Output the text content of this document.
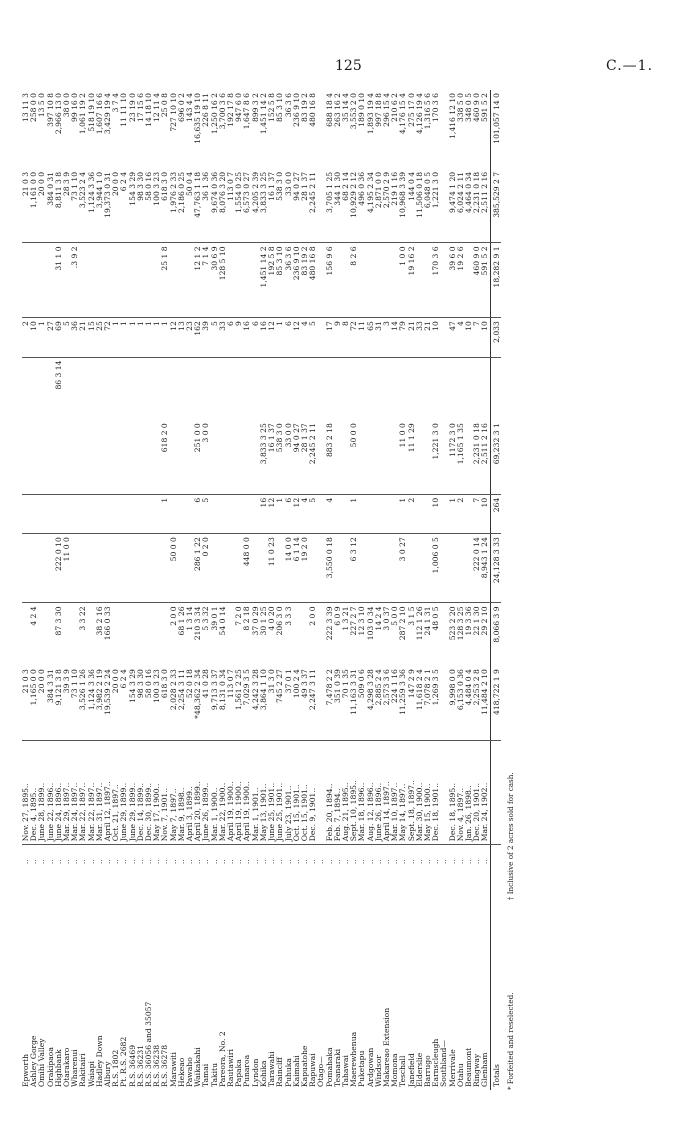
125	C.—1.
Epworth	..	Nov. 27, 1895..	21 0 3						2		21 0 3	13 11 3
Ashley Gorge	..	Dec. 4, 1895..	1,165 0 0	4 2 4					10		1,161 0 0	258 0 0
Omihi Valley	..	June 28, 1899..	20 0 0						1		20 0 0	13 5 0
Orakipaoa	..	June 22, 1896..	384 3 31						27		384 0 31	397 10 8
Highbank	..	June 24, 1896..	9,121 3 8	87 3 30	222 0 10			86 3 14	69	31 1 0	8,811 3 8	2,966 13 0
Otarakaro	..	Mar. 29, 1897..	39 3 9		11 0 0				5		28 3 9	38 0 0
Wharenui	..	Mar. 24, 1897..	73 1 10						36	.3 9 2	73 1 10	99 16 0
Rakitairi	..	Mar. 22, 1897..	3,526 1 26	3 3 22					21		3,523 2 4	1,061 19 2
Waiapi	..	Mar. 22, 1897..	1,124 3 36						15		1,124 3 36	518 19 10
Hadley Down	..	Mar. 31, 1897..	3,982 2 19	38 2 16					25		3,944 1 0	1,607 16 6
Albury	..	April 12, 1897..	19,539 2 24	166 0 33					72		19,373 0 31	3,429 19 4
R.S. 1802	..	Oct. 21, 1897..	20 0 0						1		20 0 0	3 7 4
Pt. R.S. 2682	..	June 29, 1899..	6 2 4						1		6 2 4	11 11 10
R.S. 36469	..	June 29, 1899..	154 3 29						1		154 3 29	23 19 0
R.S. 36231	..	Dec. 14, 1899..	98 3 30						1		98 3 30	17 15 6
R.S. 36056 and 35057	..	Dec. 30, 1899..	58 0 16						1		58 0 16	14 18 10
R.S. 36238	..	May 17, 1900..	100 3 23						1		100 3 23	12 11 4
R.S. 36278	..	Nov. 7, 1901..	618 3 0			1	618 2 0		1	25 1 8	618 3 0	25 0 8
Marawiti	..	May 7, 1897..	2,028 2 33	2 0 0	50 0 0				12		1,976 2 33	727 10 10
Hekeao	..	Mar. 9, 1898..	2,254 3 11	68 1 26					13		2,186 0 25	696 0 2
Pawaho	..	April 3, 1899..	52 0 18	1 3 14					23		50 0 4	143 4 4
Waikakahi	..	April 20, 1899..	*48,362 2 34	210 3 34	286 1 22	6	251 0 0		162	12 1 2	47,763 1 18	16,635 19 10
Tamai	..	June 26, 1899..	41 0 28	5 3 32	0 2 0	5	3 0 0		39	7 1 4	36 1 36	226 8 11
Takitu	..	Mar. 1, 1900..	9,713 3 37	39 0 1					5	30 6 9	9,674 0 36	1,250 16 2
Pareora, No. 2	..	Mar. 22, 1900..	8,131 0 34	54 0 14					33	128 5 10	8,076 3 20	3,700 3 6
Rautawiri	..	April 19, 1900..	113 0 7						6		113 0 7	192 17 8
Papaka	..	April 19, 1900..	1,561 2 25	7 2 0					9		1,554 0 25	947 6 0
Punaroa	..	April 19, 1900..	7,029 3 5	8 2 18	448 0 0				16		6,573 0 27	1,647 8 6
Lyndon	..	Mar. 1, 1901..	4,242 3 28	37 0 29					6		4,205 2 39	899 3 2
Kohika	..	May 13, 1901..	3,864 1 10	30 1 25		16	3,833 3 25		16	1,451 14 2	3,833 3 25	1,451 14 2
Tarawahi	..	June 25, 1901..	31 3 0	4 0 20	11 0 23	12	16 1 37		12	192 5 8	16 1 37	152 5 8
Rainclff	..	June 25, 1901..	745 2 27	206 3 0		1	538 3 0		1	85 3 10	538 3 0	85 3 10
Puhuka	..	July 23, 1901..	37 0 1	3 3 3	14 0 0	6	33 0 0		6	36 3 6	33 0 0	36 3 6
Kaimahi	..	Oct. 15, 1901..	100 2 4		6 1 14	12	94 0 27		12	236 9 10	94 0 27	236 9 10
Kapuatohe	..	Oct. 15, 1901..	49 3 37		19 2 0	4	28 1 37		4	83 19 2	28 1 37	83 19 2
Rapuwai	..	Dec. 9, 1901..	2,247 3 11	2 0 0		5	2,245 2 11		5	480 16 8	2,245 2 11	480 16 8
Otago—	..											
Pomahaka	..	Feb. 20, 1894..	7,478 2 2	222 3 39	3,550 0 18	4	883 2 18		17	156 9 6	3,705 1 25	688 18 4
Teanaraki	..	Feb. 7, 1894..	351 0 39	6 0 9					9		344 1 30	263 16 2
Tahawai	..	Aug. 21, 1895..	70 1 35	1 3 21					8		68 2 14	35 14 4
Maerewhenua	..	Sept. 10, 1895..	11,163 3 31	227 2 7	6 3 12	1	50 0 0		72	8 2 6	10,929 2 12	3,553 2 0
Puketapu	..	Mar. 18, 1896..	509 0 6	12 3 10					11		496 0 36	189 0 10
Ardgowan	..	Aug. 12, 1896..	4,298 3 28	103 0 34					65		4,195 2 34	1,893 19 4
Windsor	..	June 26, 1896..	2,885 2 4	14 2 4					31		2,871 0 0	997 18 8
Makareao Extension	..	April 14, 1897..	2,573 3 6	3 0 37					3		2,570 2 9	296 15 4
Momona	..	Mar. 10, 1897..	224 1 16	5 0 0					14		219 1 16	210 6 2
Teschall	..	May 14, 1897..	11,259 3 36	287 2 10	3 0 27	1	11 0 0		79	1 0 0	10,968 3 39	4,176 15 4
Janefield	..	Sept. 18, 1897..	147 2 9	3 1 5		2	11 1 29		21	19 16 2	144 0 4	275 17 0
Elderslie	..	Mar. 30, 1900..	11,618 2 4	112 1 26					33		11,506 0 18	4,126 19 4
Barrugo	..	May 15, 1900..	7,078 2 1	24 1 31					21		6,048 0 5	1,316 5 6
Earnscleugh	..	Dec. 18, 1901..	1,269 3 5	48 0 5	1,006 0 5	10	1,221 3 0		10	170 3 6	1,221 3 0	170 3 6
Southland—	..											
Merrivale	..	Dec. 18, 1895..	9,998 0 0	523 2 20		1	1172 3 0		47	39 6 0	9,474 1 20	1,416 12 10
Otahu	..	Nov. 4, 1897..	6,153 0 36	128 3 25		2	1,165 1 35		4	19 2 6	6,024 2 11	338 5 0
Beaumont	..	Jan. 26, 1898..	4,484 0 4	19 3 36					10		4,464 0 34	348 0 5
Ringway	..	Dec. 20, 1901..	2,253 2 8	22 1 30	222 0 14	7	2,231 0 18		7	460 9 0	2,231 0 18	460 9 0
Glenham	..	Mar. 24, 1902..	11,484 2 10	29 2 10	8,943 1 24	10	2,511 2 16		10	591 5 2	2,511 2 16	591 5 2
Totals			418,722 1 9	8,066 3 9	24,128 3 33	264	69,232 3 1		2,033	18,282 9 1	385,529 2 7	101,057 14 0
* Forfeited and reselected. † Inclusive of 2 acres sold for cash.
